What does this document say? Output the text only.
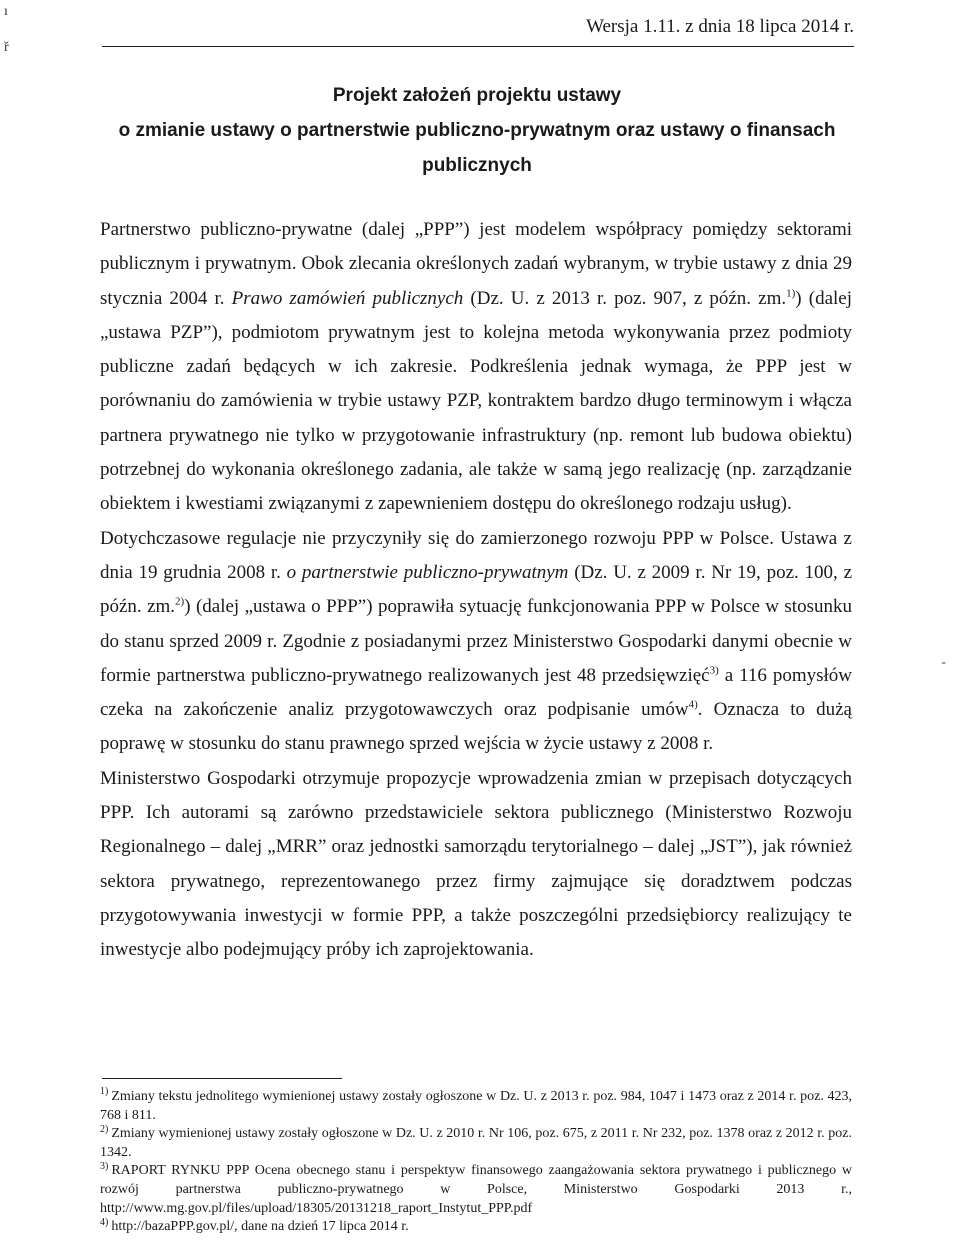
ı
ř
Wersja 1.11. z dnia 18 lipca 2014 r.
Projekt założeń projektu ustawy
o zmianie ustawy o partnerstwie publiczno-prywatnym oraz ustawy o finansach
publicznych

Partnerstwo publiczno-prywatne (dalej „PPP”) jest modelem współpracy pomiędzy sektorami publicznym i prywatnym. Obok zlecania określonych zadań wybranym, w trybie ustawy z dnia 29 stycznia 2004 r. Prawo zamówień publicznych (Dz. U. z 2013 r. poz. 907, z późn. zm.$^{1)}$) (dalej „ustawa PZP”), podmiotom prywatnym jest to kolejna metoda wykonywania przez podmioty publiczne zadań będących w ich zakresie. Podkreślenia jednak wymaga, że PPP jest w porównaniu do zamówienia w trybie ustawy PZP, kontraktem bardzo długo terminowym i włącza partnera prywatnego nie tylko w przygotowanie infrastruktury (np. remont lub budowa obiektu) potrzebnej do wykonania określonego zadania, ale także w samą jego realizację (np. zarządzanie obiektem i kwestiami związanymi z zapewnieniem dostępu do określonego rodzaju usług).

Dotychczasowe regulacje nie przyczyniły się do zamierzonego rozwoju PPP w Polsce. Ustawa z dnia 19 grudnia 2008 r. o partnerstwie publiczno-prywatnym (Dz. U. z 2009 r. Nr 19, poz. 100, z późn. zm.$^{2)}$) (dalej „ustawa o PPP”) poprawiła sytuację funkcjonowania PPP w Polsce w stosunku do stanu sprzed 2009 r. Zgodnie z posiadanymi przez Ministerstwo Gospodarki danymi obecnie w formie partnerstwa publiczno-prywatnego realizowanych jest 48 przedsięwzięć$^{3)}$ a 116 pomysłów czeka na zakończenie analiz przygotowawczych oraz podpisanie umów$^{4)}$. Oznacza to dużą poprawę w stosunku do stanu prawnego sprzed wejścia w życie ustawy z 2008 r.

Ministerstwo Gospodarki otrzymuje propozycje wprowadzenia zmian w przepisach dotyczących PPP. Ich autorami są zarówno przedstawiciele sektora publicznego (Ministerstwo Rozwoju Regionalnego – dalej „MRR” oraz jednostki samorządu terytorialnego – dalej „JST”), jak również sektora prywatnego, reprezentowanego przez firmy zajmujące się doradztwem podczas przygotowywania inwestycji w formie PPP, a także poszczególni przedsiębiorcy realizujący te inwestycje albo podejmujący próby ich zaprojektowania.

-

$^{1)}$ Zmiany tekstu jednolitego wymienionej ustawy zostały ogłoszone w Dz. U. z 2013 r. poz. 984, 1047 i 1473 oraz z 2014 r. poz. 423, 768 i 811.

$^{2)}$ Zmiany wymienionej ustawy zostały ogłoszone w Dz. U. z 2010 r. Nr 106, poz. 675, z 2011 r. Nr 232, poz. 1378 oraz z 2012 r. poz. 1342.

$^{3)}$ RAPORT RYNKU PPP Ocena obecnego stanu i perspektyw finansowego zaangażowania sektora prywatnego i publicznego w rozwój partnerstwa publiczno-prywatnego w Polsce, Ministerstwo Gospodarki 2013 r., http://www.mg.gov.pl/files/upload/18305/20131218_raport_Instytut_PPP.pdf

$^{4)}$ http://bazaPPP.gov.pl/, dane na dzień 17 lipca 2014 r.
